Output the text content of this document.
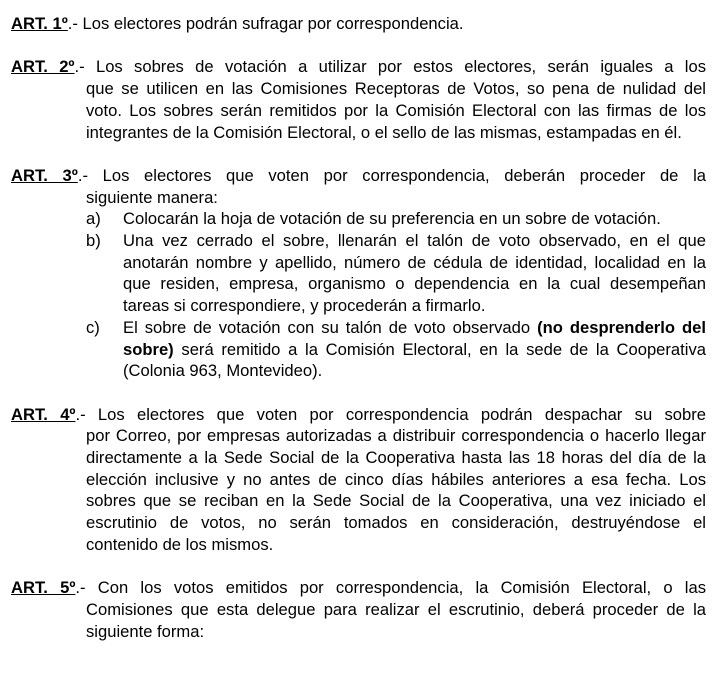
ART. 1º.- Los electores podrán sufragar por correspondencia.
ART. 2º.- Los sobres de votación a utilizar por estos electores, serán iguales a los
que se utilicen en las Comisiones Receptoras de Votos, so pena de nulidad del voto. Los sobres serán remitidos por la Comisión Electoral con las firmas de los integrantes de la Comisión Electoral, o el sello de las mismas, estampadas en él.
ART. 3º.- Los electores que voten por correspondencia, deberán proceder de la
siguiente manera:
a)	Colocarán la hoja de votación de su preferencia en un sobre de votación.
b)	Una vez cerrado el sobre, llenarán el talón de voto observado, en el que anotarán nombre y apellido, número de cédula de identidad, localidad en la que residen, empresa, organismo o dependencia en la cual desempeñan tareas si correspondiere, y procederán a firmarlo.
c)	El sobre de votación con su talón de voto observado (no desprenderlo del sobre) será remitido a la Comisión Electoral, en la sede de la Cooperativa (Colonia 963, Montevideo).
ART. 4º.- Los electores que voten por correspondencia podrán despachar su sobre
por Correo, por empresas autorizadas a distribuir correspondencia o hacerlo llegar directamente a la Sede Social de la Cooperativa hasta las 18 horas del día de la elección inclusive y no antes de cinco días hábiles anteriores a esa fecha. Los sobres que se reciban en la Sede Social de la Cooperativa, una vez iniciado el escrutinio de votos, no serán tomados en consideración, destruyéndose el contenido de los mismos.
ART. 5º.- Con los votos emitidos por correspondencia, la Comisión Electoral, o las
Comisiones que esta delegue para realizar el escrutinio, deberá proceder de la siguiente forma:
